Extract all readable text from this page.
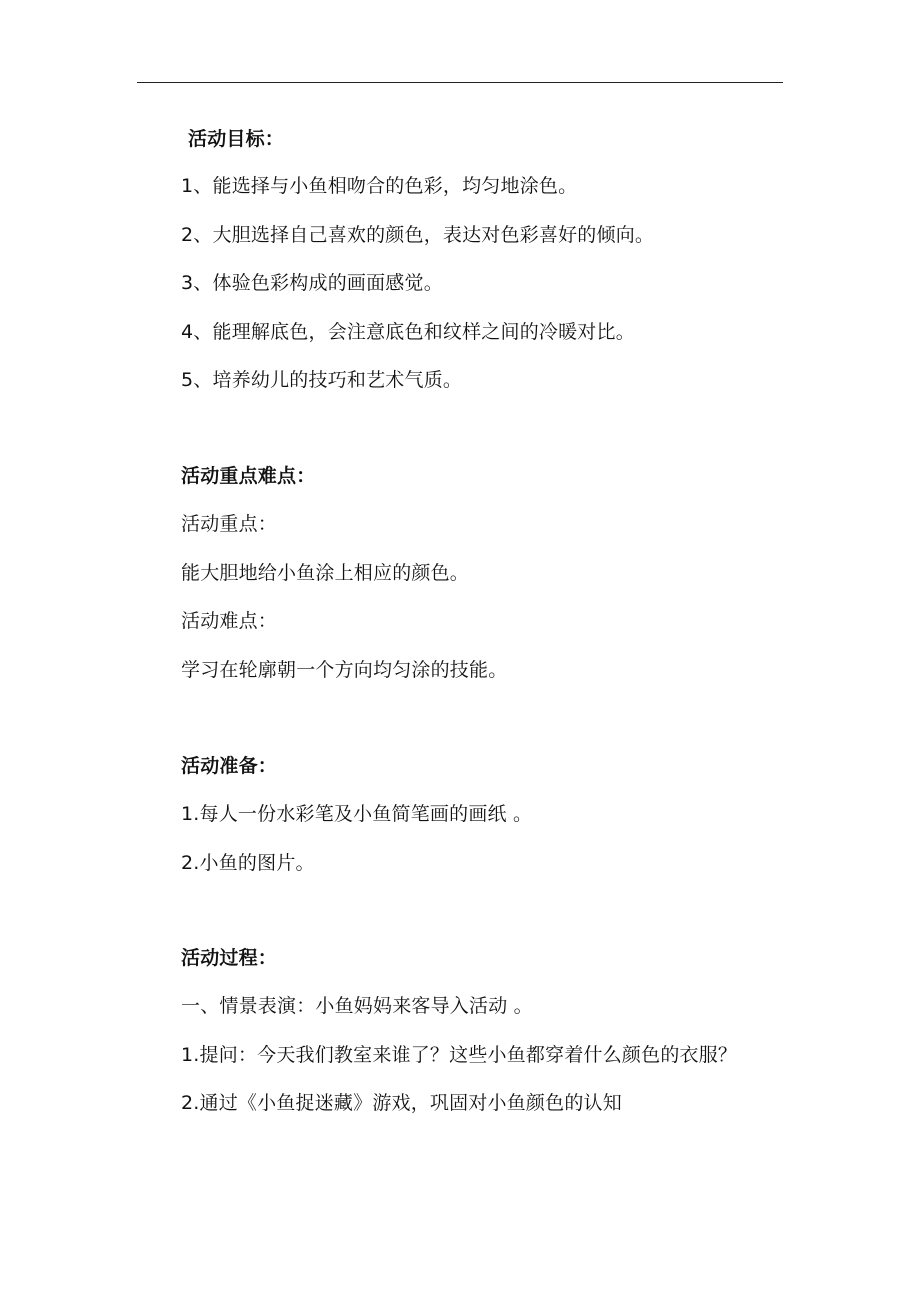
活动目标：
1、能选择与小鱼相吻合的色彩，均匀地涂色。
2、大胆选择自己喜欢的颜色，表达对色彩喜好的倾向。
3、体验色彩构成的画面感觉。
4、能理解底色，会注意底色和纹样之间的冷暖对比。
5、培养幼儿的技巧和艺术气质。
活动重点难点：
活动重点：
能大胆地给小鱼涂上相应的颜色。
活动难点：
学习在轮廓朝一个方向均匀涂的技能。
活动准备：
1.每人一份水彩笔及小鱼简笔画的画纸 。
2.小鱼的图片。
活动过程：
一、情景表演：小鱼妈妈来客导入活动 。
1.提问：今天我们教室来谁了？这些小鱼都穿着什么颜色的衣服？
2.通过《小鱼捉迷藏》游戏，巩固对小鱼颜色的认知
